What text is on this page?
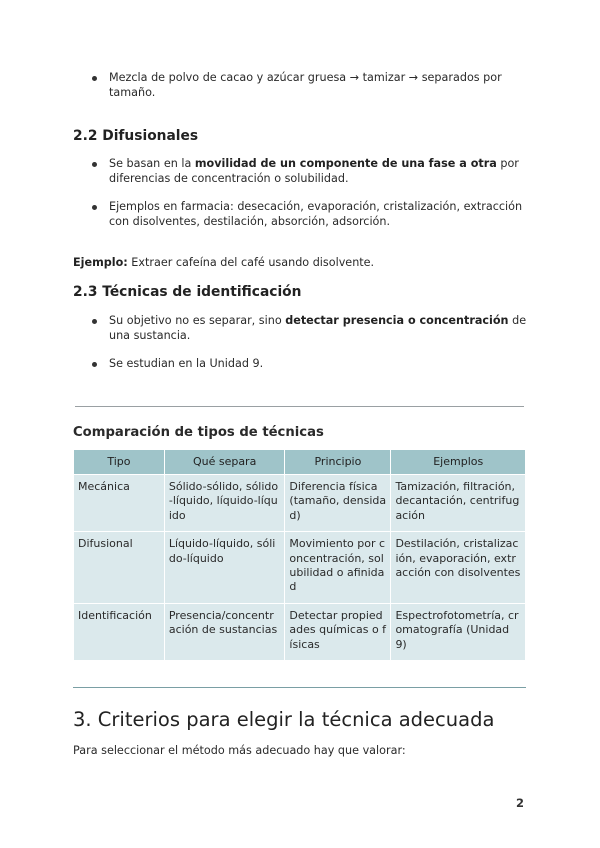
Mezcla de polvo de cacao y azúcar gruesa → tamizar → separados por tamaño.
2.2 Difusionales
Se basan en la movilidad de un componente de una fase a otra por diferencias de concentración o solubilidad.
Ejemplos en farmacia: desecación, evaporación, cristalización, extracción con disolventes, destilación, absorción, adsorción.

Ejemplo: Extraer cafeína del café usando disolvente.

2.3 Técnicas de identificación
Su objetivo no es separar, sino detectar presencia o concentración de una sustancia.
Se estudian en la Unidad 9.
Comparación de tipos de técnicas
Tipo	Qué separa	Principio	Ejemplos
Mecánica	Sólido-sólido, sólido-líquido, líquido-líquido	Diferencia física (tamaño, densidad)	Tamización, filtración, decantación, centrifugación
Difusional	Líquido-líquido, sólido-líquido	Movimiento por concentración, solubilidad o afinidad	Destilación, cristalización, evaporación, extracción con disolventes
Identificación	Presencia/concentración de sustancias	Detectar propiedades químicas o físicas	Espectrofotometría, cromatografía (Unidad 9)
3. Criterios para elegir la técnica adecuada

Para seleccionar el método más adecuado hay que valorar:

2
